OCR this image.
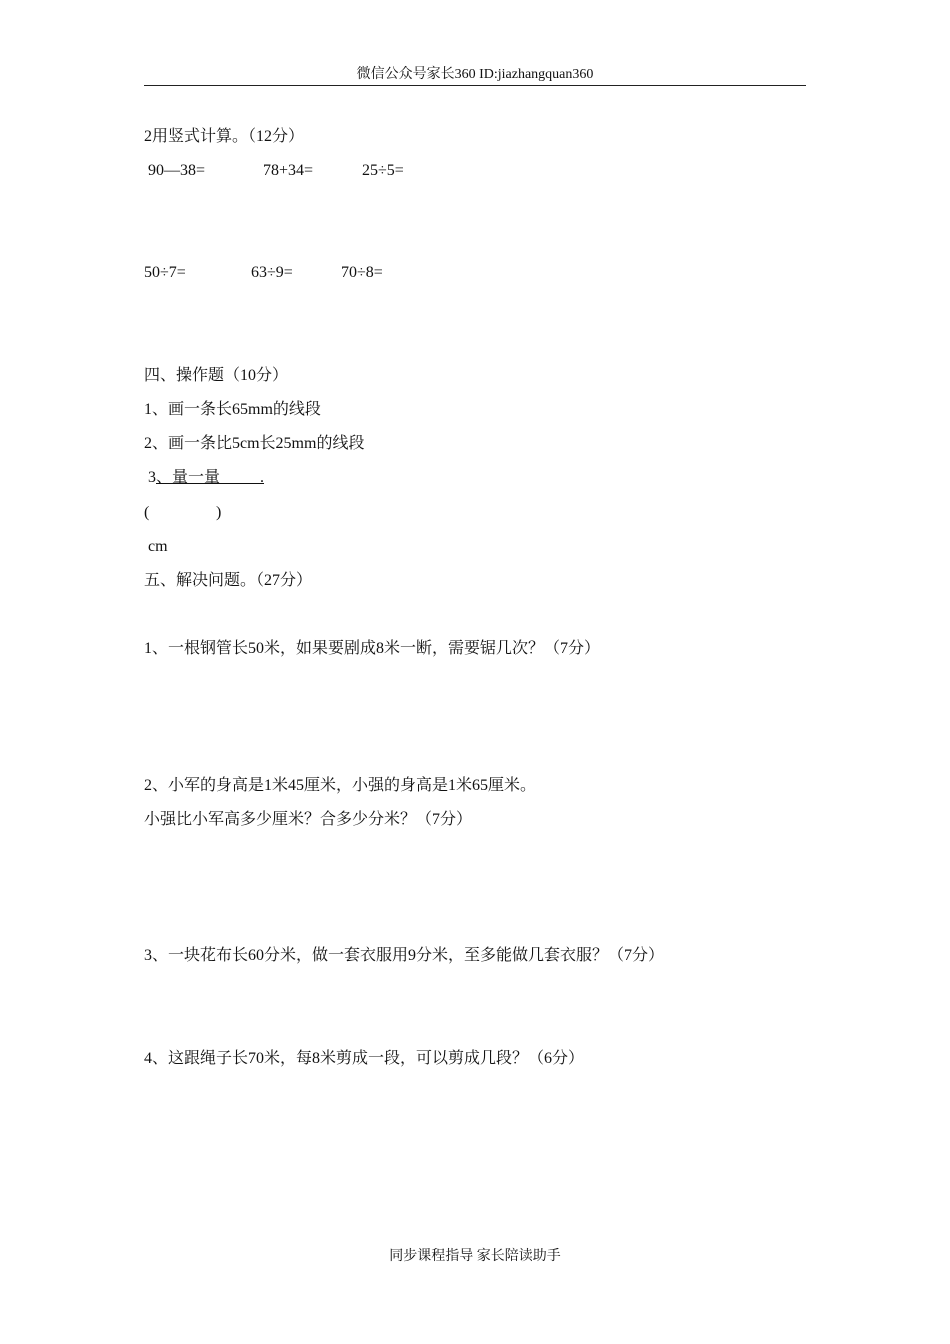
微信公众号家长360 ID:jiazhangquan360
2用竖式计算。（12分）
90—38=	78+34=	25÷5=
50÷7=	63÷9=	70÷8=
四、操作题（10分）
1、画一条长65mm的线段
2、画一条比5cm长25mm的线段
3、量一量          .
(	)
cm
五、解决问题。（27分）
1、一根钢管长50米，如果要剧成8米一断，需要锯几次？（7分）
2、小军的身高是1米45厘米，小强的身高是1米65厘米。
小强比小军高多少厘米？合多少分米？（7分）
3、一块花布长60分米，做一套衣服用9分米，至多能做几套衣服？（7分）
4、这跟绳子长70米，每8米剪成一段，可以剪成几段？（6分）
同步课程指导 家长陪读助手
